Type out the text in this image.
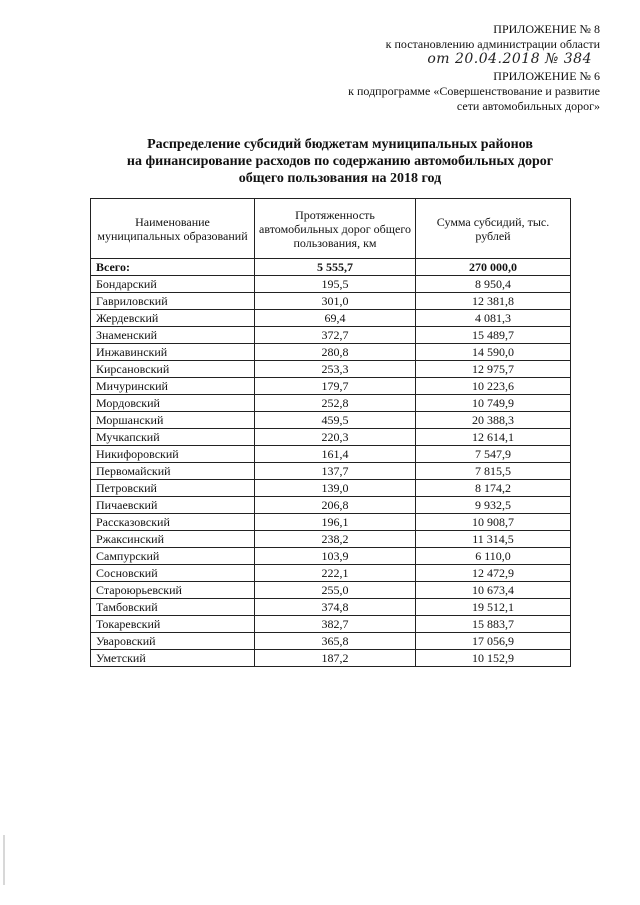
ПРИЛОЖЕНИЕ № 8
к постановлению администрации области
от 20.04.2018 № 384
ПРИЛОЖЕНИЕ № 6
к подпрограмме «Совершенствование и развитие
сети автомобильных дорог»
Распределение субсидий бюджетам муниципальных районов
на финансирование расходов по содержанию автомобильных дорог
общего пользования на 2018 год
Наименование муниципальных образований	Протяженность автомобильных дорог общего пользования, км	Сумма субсидий, тыс. рублей
Всего:	5 555,7	270 000,0
Бондарский	195,5	8 950,4
Гавриловский	301,0	12 381,8
Жердевский	69,4	4 081,3
Знаменский	372,7	15 489,7
Инжавинский	280,8	14 590,0
Кирсановский	253,3	12 975,7
Мичуринский	179,7	10 223,6
Мордовский	252,8	10 749,9
Моршанский	459,5	20 388,3
Мучкапский	220,3	12 614,1
Никифоровский	161,4	7 547,9
Первомайский	137,7	7 815,5
Петровский	139,0	8 174,2
Пичаевский	206,8	9 932,5
Рассказовский	196,1	10 908,7
Ржаксинский	238,2	11 314,5
Сампурский	103,9	6 110,0
Сосновский	222,1	12 472,9
Староюрьевский	255,0	10 673,4
Тамбовский	374,8	19 512,1
Токаревский	382,7	15 883,7
Уваровский	365,8	17 056,9
Уметский	187,2	10 152,9
